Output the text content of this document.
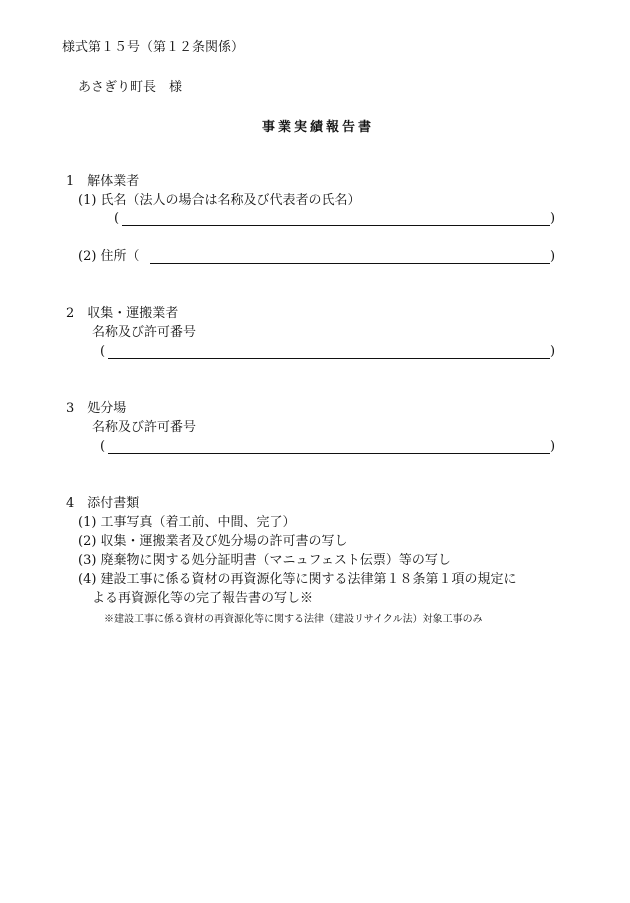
様式第１５号（第１２条関係）
あさぎり町長　様
事業実績報告書
1　解体業者
(1) 氏名（法人の場合は名称及び代表者の氏名）
(	)
(2) 住所（	)
2　収集・運搬業者
名称及び許可番号
(	)
3　処分場
名称及び許可番号
(	)
4　添付書類
(1) 工事写真（着工前、中間、完了）
(2) 収集・運搬業者及び処分場の許可書の写し
(3) 廃棄物に関する処分証明書（マニュフェスト伝票）等の写し
(4) 建設工事に係る資材の再資源化等に関する法律第１８条第１項の規定に
よる再資源化等の完了報告書の写し※
※建設工事に係る資材の再資源化等に関する法律（建設リサイクル法）対象工事のみ
